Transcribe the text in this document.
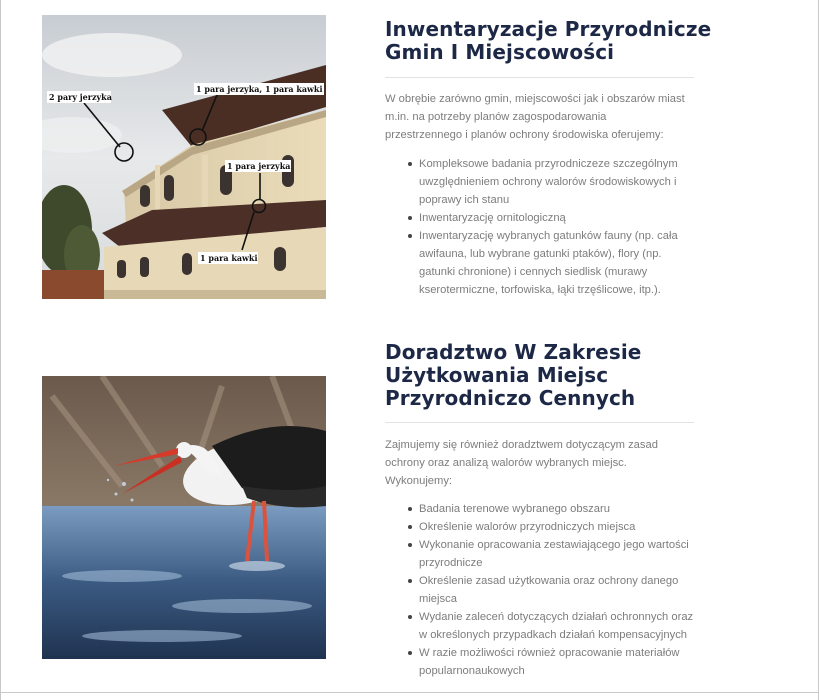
2 pary jerzyka
1 para jerzyka, 1 para kawki
1 para jerzyka
1 para kawki
Inwentaryzacje Przyrodnicze
Gmin I Miejscowości

W obrębie zarówno gmin, miejscowości jak i obszarów miast m.in. na potrzeby planów zagospodarowania przestrzennego i planów ochrony środowiska oferujemy:

Kompleksowe badania przyrodniczeze szczególnym uwzględnieniem ochrony walorów środowiskowych i poprawy ich stanu
Inwentaryzację ornitologiczną
Inwentaryzację wybranych gatunków fauny (np. cała awifauna, lub wybrane gatunki ptaków), flory (np. gatunki chronione) i cennych siedlisk (murawy kserotermiczne, torfowiska, łąki trzęślicowe, itp.).
Doradztwo W Zakresie
Użytkowania Miejsc
Przyrodniczo Cennych

Zajmujemy się również doradztwem dotyczącym zasad ochrony oraz analizą walorów wybranych miejsc. Wykonujemy:

Badania terenowe wybranego obszaru
Określenie walorów przyrodniczych miejsca
Wykonanie opracowania zestawiającego jego wartości przyrodnicze
Określenie zasad użytkowania oraz ochrony danego miejsca
Wydanie zaleceń dotyczących działań ochronnych oraz w określonych przypadkach działań kompensacyjnych
W razie możliwości również opracowanie materiałów popularnonaukowych
